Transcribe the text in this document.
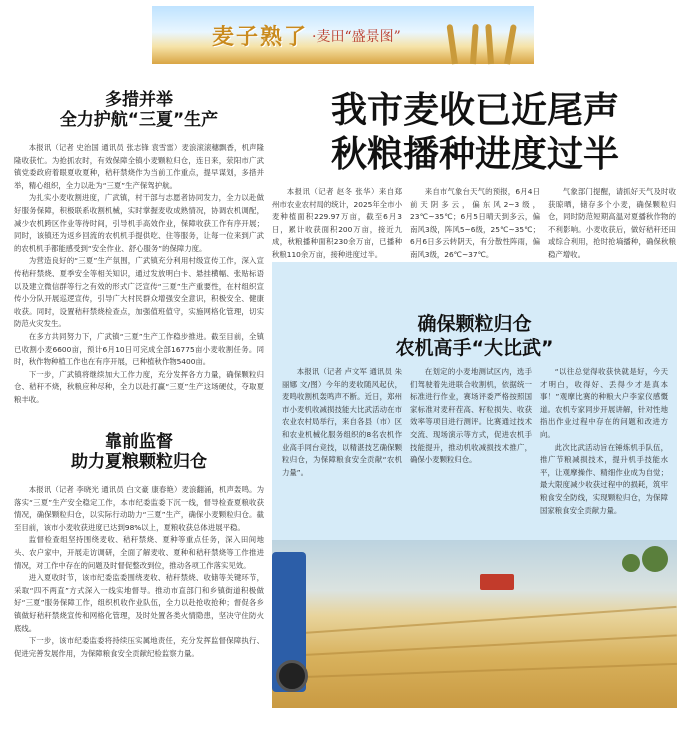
麦子熟了 ·麦田“盛景图”
多措并举
全力护航“三夏”生产

本报讯（记者 史治国 通讯员 张志锋 袁雪雷）麦浪滚滚穗飘香，机声隆隆收获忙。为抢抓农时，有效保障全镇小麦颗粒归仓，连日来，荥阳市广武镇党委政府着眼夏收夏种，秸秆禁烧作为当前工作重点，提早谋划，多措并举，精心组织，全力以赴为“三夏”生产保驾护航。

为扎实小麦收割进度，广武镇，村干部与志愿者协同发力，全力以赴做好服务保障，积极联系收割机械，实时掌握麦收成熟情况，协调农机调配，减少农机跨区作业等待时间，引导机手高效作业，保障收获工作有序开展；同时，该镇还为返乡回流的农机机手提供吃、住等服务，让每一位来到广武的农机机手都能感受到“安全作业、舒心服务”的保障力度。

为营造良好的“三夏”生产氛围，广武镇充分利用村级宣传工作，深入宣传秸秆禁烧、夏季安全等相关知识，通过发放明白卡、悬挂横幅、张贴标语以及建立微信群等行之有效的形式广泛宣传“三夏”生产重要性，在村组织宣传小分队开展巡逻宣传，引导广大村民群众增强安全意识，积极安全、健康收获。同时，设置秸秆禁烧检查点，加强值班值守，实施网格化管理，切实防范火灾发生。

在多方共同努力下，广武镇“三夏”生产工作稳步推进。截至目前，全镇已收割小麦6600亩，预计6月10日可完成全部16775亩小麦收割任务。同时，秋作物种植工作也在有序开展，已种植秋作物5400亩。

下一步，广武镇将继续加大工作力度，充分发挥各方力量，确保颗粒归仓、秸秆不烧，秋粮应种尽种，全力以赴打赢“三夏”生产这场硬仗，夺取夏粮丰收。

靠前监督
助力夏粮颗粒归仓

本报讯（记者 李晓光 通讯员 白文豪 康春艳）麦浪翻涌，机声轰鸣。为落实“三夏”生产安全稳定工作，本市纪委监委下沉一线，督导检查夏粮收获情况，确保颗粒归仓，以实际行动助力“三夏”生产，确保小麦颗粒归仓。截至目前，该市小麦收获进度已达到98%以上，夏粮收获总体进展平稳。

监督检查组坚持围绕麦收、秸秆禁烧、夏种等重点任务，深入田间地头、农户家中，开展走访调研，全面了解麦收、夏种和秸秆禁烧等工作推进情况，对工作中存在的问题及时督促整改到位，推动各项工作落实见效。

进入夏收时节，该市纪委监委围绕麦收、秸秆禁烧、收储等关键环节，采取“四不两直”方式深入一线实地督导。推动市直部门和乡镇街道积极做好“三夏”服务保障工作，组织机收作业队伍，全力以赴抢收抢种；督促各乡镇做好秸秆禁烧宣传和网格化管理，及时处置各类火情隐患，坚决守住防火底线。

下一步，该市纪委监委将持续压实属地责任，充分发挥监督保障执行、促进完善发展作用，为保障粮食安全贡献纪检监察力量。

我市麦收已近尾声
秋粮播种进度过半

本报讯（记者 赵冬 张华）来自郑州市农业农村局的统计，2025年全市小麦种植面积229.97万亩，截至6月3日，累计收获面积200万亩，接近九成，秋粮播种面积230余万亩，已播种秋粮110余万亩，接种进度过半。

来自市气象台天气的预报，6月4日前天阴多云，偏东风2~3级，23℃~35℃；6月5日晴天到多云，偏南风3级，阵风5~6级，25℃~35℃；6月6日多云转阴天，有分散性阵雨，偏南风3级，26℃~37℃。

气象部门提醒，请抓好天气及时收获晾晒，储存多个小麦，确保颗粒归仓，同时防范短期高温对夏播秋作物的不利影响。小麦收获后，做好秸秆还田或综合利用，抢时抢墒播种，确保秋粮稳产增收。

确保颗粒归仓
农机高手“大比武”

本报讯（记者 卢文军 通讯员 朱丽娜 文/图）今年的麦收随风起伏，麦鸣收割机轰鸣声不断。近日，郑州市小麦机收减损技能大比武活动在市农业农村局举行，来自各县（市）区和农业机械化服务组织的8名农机作业高手同台竞技，以精湛技艺确保颗粒归仓，为保障粮食安全贡献“农机力量”。

在划定的小麦地测试区内，选手们驾驶着先进联合收割机，依据统一标准进行作业，赛场评委严格按照国家标准对麦秆茬高、籽粒损失、收获效率等项目进行测评。比赛通过技术交流、现场演示等方式，促进农机手技能提升，推动机收减损技术推广，确保小麦颗粒归仓。

“以往总觉得收获快就是好，今天才明白，收得好、丢得少才是真本事！”观摩比赛的种粮大户李家仪感慨道。农机专家同步开展讲解，针对性地指出作业过程中存在的问题和改进方向。

此次比武活动旨在锤炼机手队伍，推广节粮减损技术，提升机手技能水平，让观摩操作、精细作业成为自觉；最大限度减少收获过程中的损耗，筑牢粮食安全防线，实现颗粒归仓，为保障国家粮食安全贡献力量。
